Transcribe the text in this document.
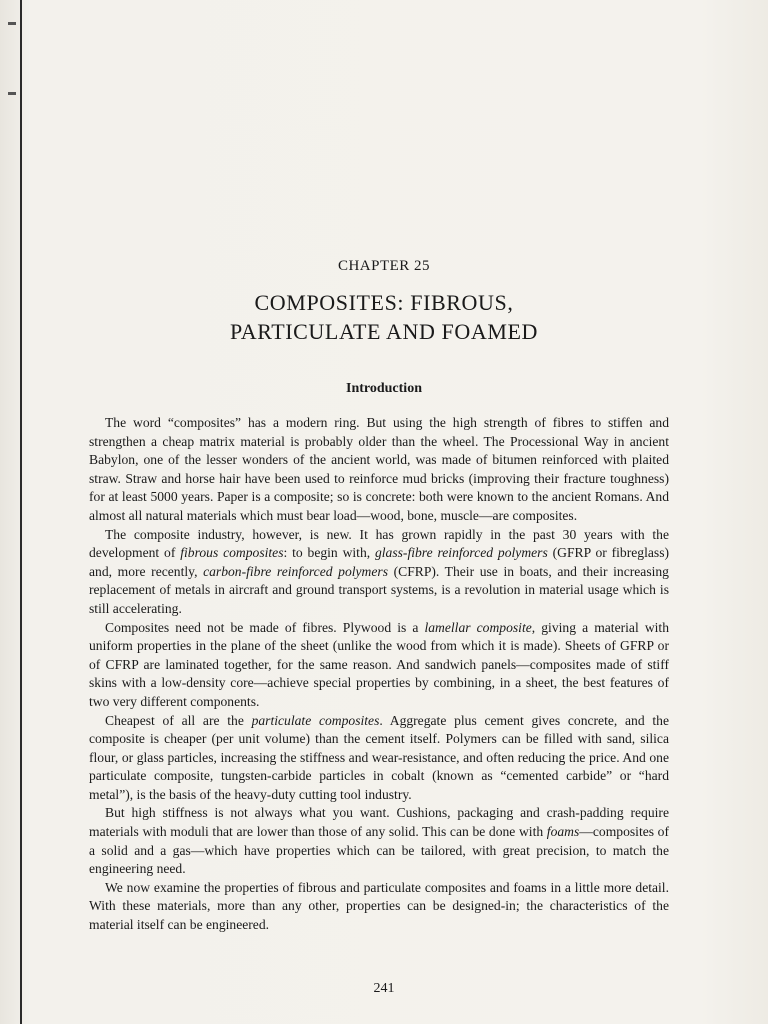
CHAPTER 25
COMPOSITES: FIBROUS,
PARTICULATE AND FOAMED
Introduction

The word “composites” has a modern ring. But using the high strength of fibres to stiffen and strengthen a cheap matrix material is probably older than the wheel. The Processional Way in ancient Babylon, one of the lesser wonders of the ancient world, was made of bitumen reinforced with plaited straw. Straw and horse hair have been used to reinforce mud bricks (improving their fracture toughness) for at least 5000 years. Paper is a composite; so is concrete: both were known to the ancient Romans. And almost all natural materials which must bear load—wood, bone, muscle—are composites.

The composite industry, however, is new. It has grown rapidly in the past 30 years with the development of fibrous composites: to begin with, glass-fibre reinforced polymers (GFRP or fibreglass) and, more recently, carbon-fibre reinforced polymers (CFRP). Their use in boats, and their increasing replacement of metals in aircraft and ground transport systems, is a revolution in material usage which is still accelerating.

Composites need not be made of fibres. Plywood is a lamellar composite, giving a material with uniform properties in the plane of the sheet (unlike the wood from which it is made). Sheets of GFRP or of CFRP are laminated together, for the same reason. And sandwich panels—composites made of stiff skins with a low-density core—achieve special properties by combining, in a sheet, the best features of two very different components.

Cheapest of all are the particulate composites. Aggregate plus cement gives concrete, and the composite is cheaper (per unit volume) than the cement itself. Polymers can be filled with sand, silica flour, or glass particles, increasing the stiffness and wear-resistance, and often reducing the price. And one particulate composite, tungsten-carbide particles in cobalt (known as “cemented carbide” or “hard metal”), is the basis of the heavy-duty cutting tool industry.

But high stiffness is not always what you want. Cushions, packaging and crash-padding require materials with moduli that are lower than those of any solid. This can be done with foams—composites of a solid and a gas—which have properties which can be tailored, with great precision, to match the engineering need.

We now examine the properties of fibrous and particulate composites and foams in a little more detail. With these materials, more than any other, properties can be designed-in; the characteristics of the material itself can be engineered.

241
